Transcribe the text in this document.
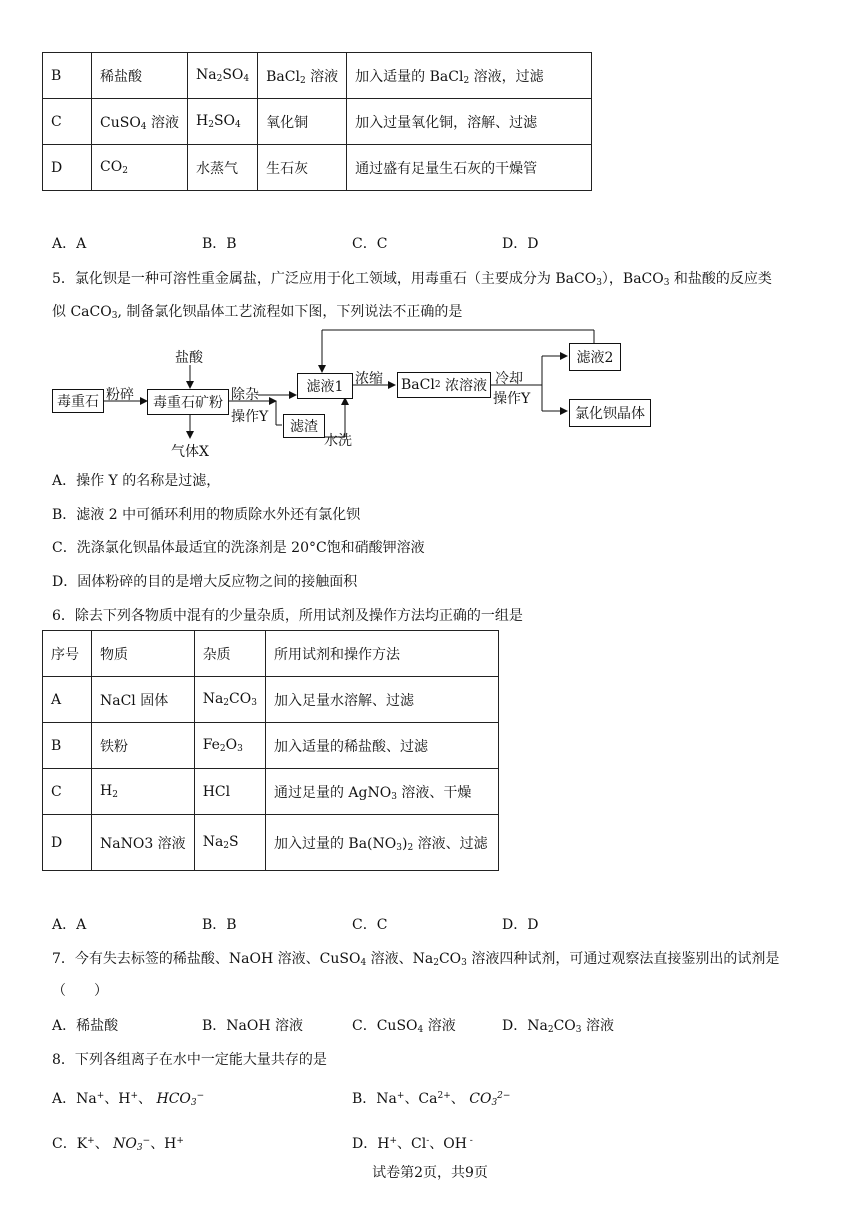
B	稀盐酸	$Na_2SO_4$	BaCl$_2$ 溶液	加入适量的 BaCl$_2$ 溶液，过滤
C	CuSO$_4$ 溶液	$H_2SO_4$	氧化铜	加入过量氧化铜，溶解、过滤
D	$CO_2$	水蒸气	生石灰	通过盛有足量生石灰的干燥管
A．A	B．B	C．C	D．D
5．氯化钡是一种可溶性重金属盐，广泛应用于化工领域，用毒重石（主要成分为 BaCO$_3$），BaCO$_3$ 和盐酸的反应类
似 CaCO$_3$, 制备氯化钡晶体工艺流程如下图，下列说法不正确的是
毒重石 粉碎
盐酸
毒重石矿粉
气体X
除杂
操作Y
滤液1
滤渣
水洗
浓缩 BaCl 2 浓溶液 冷却
操作Y
滤液2
氯化钡晶体
A．操作 Y 的名称是过滤，
B．滤液 2 中可循环利用的物质除水外还有氯化钡
C．洗涤氯化钡晶体最适宜的洗涤剂是 20°C饱和硝酸钾溶液
D．固体粉碎的目的是增大反应物之间的接触面积
6．除去下列各物质中混有的少量杂质，所用试剂及操作方法均正确的一组是
序号	物质	杂质	所用试剂和操作方法
A	NaCl 固体	$Na_2CO_3$	加入足量水溶解、过滤
B	铁粉	$Fe_2O_3$	加入适量的稀盐酸、过滤
C	$H_2$	HCl	通过足量的 AgNO$_3$ 溶液、干燥
D	NaNO3 溶液	$Na_2S$	加入过量的 $Ba(NO_3)_2$ 溶液、过滤
A．A	B．B	C．C	D．D
7．今有失去标签的稀盐酸、NaOH 溶液、CuSO$_4$ 溶液、$Na_2CO_3$ 溶液四种试剂，可通过观察法直接鉴别出的试剂是
（　　）
A．稀盐酸	B．NaOH 溶液	C．CuSO$_4$ 溶液	D．$Na_2CO_3$ 溶液
8．下列各组离子在水中一定能大量共存的是
A．Na+、H+、 $HCO_3^-$	B．Na+、$Ca^{2+}$、 $CO_3^{2-}$
C．K+、 $NO_3^-$、H+	D．H+、Cl-、OH -
试卷第2页，共9页
